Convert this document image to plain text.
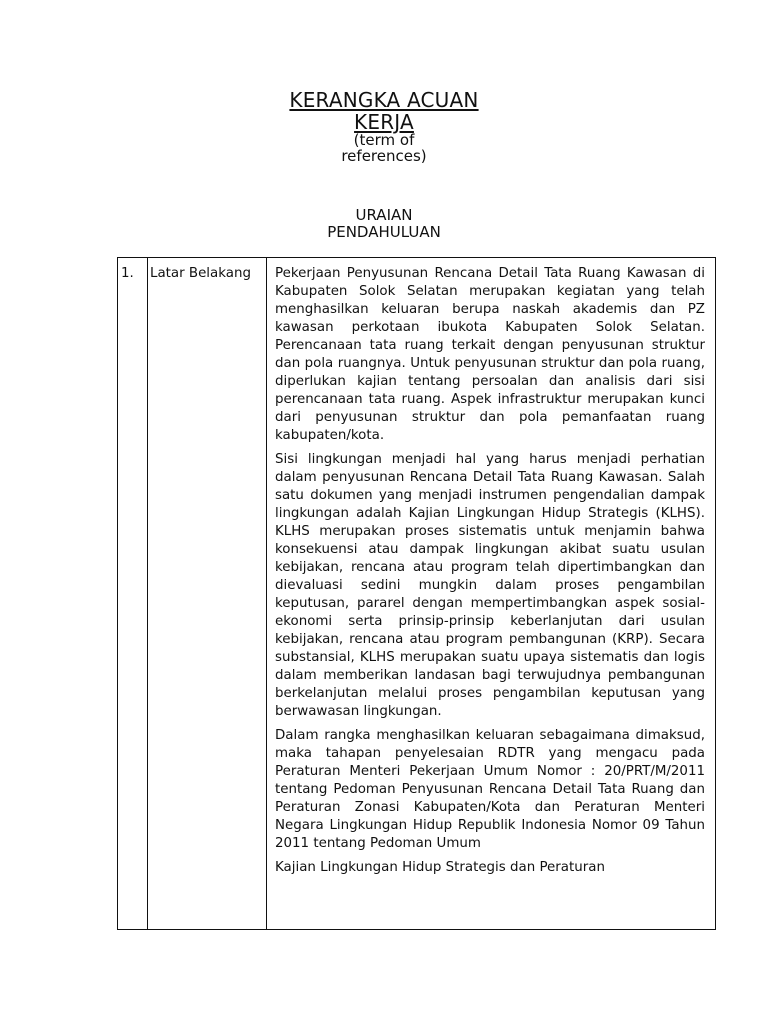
KERANGKA ACUAN
KERJA
(term of
references)
URAIAN
PENDAHULUAN
1.	Latar Belakang	Pekerjaan Penyusunan Rencana Detail Tata Ruang Kawasan di Kabupaten Solok Selatan merupakan kegiatan yang telah menghasilkan keluaran berupa naskah akademis dan PZ kawasan perkotaan ibukota Kabupaten Solok Selatan. Perencanaan tata ruang terkait dengan penyusunan struktur dan pola ruangnya. Untuk penyusunan struktur dan pola ruang, diperlukan kajian tentang persoalan dan analisis dari sisi perencanaan tata ruang. Aspek infrastruktur merupakan kunci dari penyusunan struktur dan pola pemanfaatan ruang kabupaten/kota.

Sisi lingkungan menjadi hal yang harus menjadi perhatian dalam penyusunan Rencana Detail Tata Ruang Kawasan. Salah satu dokumen yang menjadi instrumen pengendalian dampak lingkungan adalah Kajian Lingkungan Hidup Strategis (KLHS). KLHS merupakan proses sistematis untuk menjamin bahwa konsekuensi atau dampak lingkungan akibat suatu usulan kebijakan, rencana atau program telah dipertimbangkan dan dievaluasi sedini mungkin dalam proses pengambilan keputusan, pararel dengan mempertimbangkan aspek sosial-ekonomi serta prinsip-prinsip keberlanjutan dari usulan kebijakan, rencana atau program pembangunan (KRP). Secara substansial, KLHS merupakan suatu upaya sistematis dan logis dalam memberikan landasan bagi terwujudnya pembangunan berkelanjutan melalui proses pengambilan keputusan yang berwawasan lingkungan.

Dalam rangka menghasilkan keluaran sebagaimana dimaksud, maka tahapan penyelesaian RDTR yang mengacu pada Peraturan Menteri Pekerjaan Umum Nomor : 20/PRT/M/2011 tentang Pedoman Penyusunan Rencana Detail Tata Ruang dan Peraturan Zonasi Kabupaten/Kota dan Peraturan Menteri Negara Lingkungan Hidup Republik Indonesia Nomor 09 Tahun 2011 tentang Pedoman Umum

Kajian Lingkungan Hidup Strategis dan Peraturan
